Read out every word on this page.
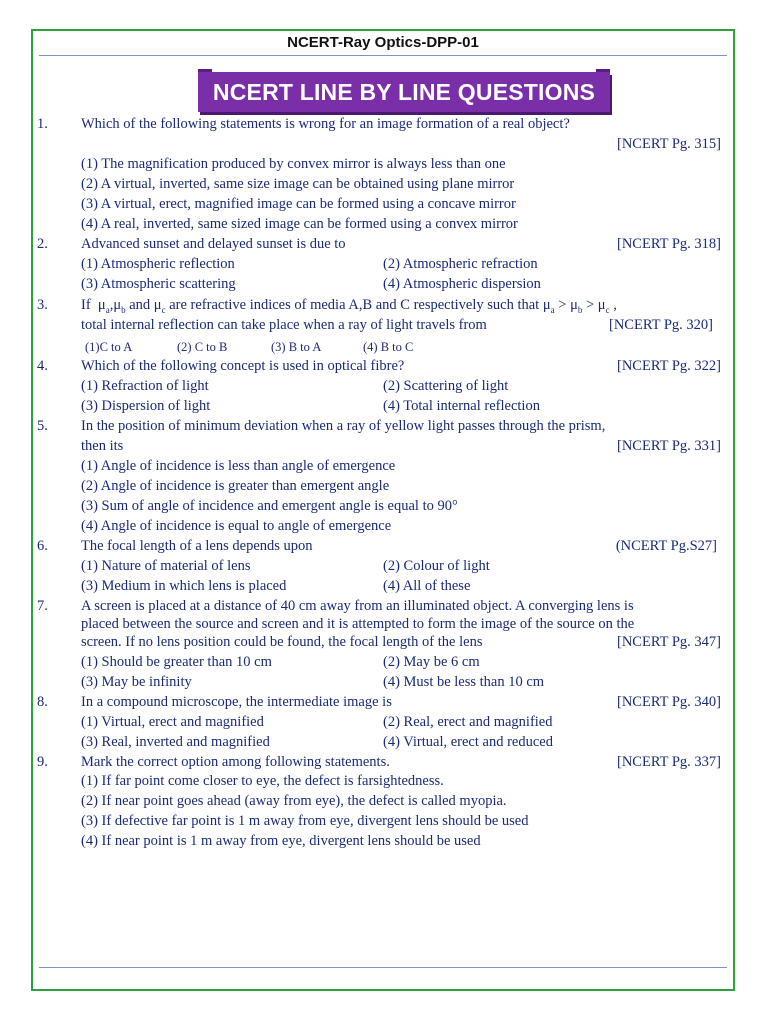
NCERT-Ray Optics-DPP-01
NCERT LINE BY LINE QUESTIONS
1. Which of the following statements is wrong for an image formation of a real object?
[NCERT Pg. 315]
(1) The magnification produced by convex mirror is always less than one
(2) A virtual, inverted, same size image can be obtained using plane mirror
(3) A virtual, erect, magnified image can be formed using a concave mirror
(4) A real, inverted, same sized image can be formed using a convex mirror
2. Advanced sunset and delayed sunset is due to	[NCERT Pg. 318]
(1) Atmospheric reflection	(2) Atmospheric refraction
(3) Atmospheric scattering	(4) Atmospheric dispersion
3. If $\mu_a,\mu_b$ and $\mu_c$ are refractive indices of media A,B and C respectively such that $\mu_a > \mu_b > \mu_c$ ,
total internal reflection can take place when a ray of light travels from	[NCERT Pg. 320]
(1)C to A	(2) C to B	(3) B to A	(4) B to C
4. Which of the following concept is used in optical fibre?	[NCERT Pg. 322]
(1) Refraction of light	(2) Scattering of light
(3) Dispersion of light	(4) Total internal reflection
5. In the position of minimum deviation when a ray of yellow light passes through the prism,
then its	[NCERT Pg. 331]
(1) Angle of incidence is less than angle of emergence
(2) Angle of incidence is greater than emergent angle
(3) Sum of angle of incidence and emergent angle is equal to 90°
(4) Angle of incidence is equal to angle of emergence
6. The focal length of a lens depends upon	(NCERT Pg.S27]
(1) Nature of material of lens	(2) Colour of light
(3) Medium in which lens is placed	(4) All of these
7. A screen is placed at a distance of 40 cm away from an illuminated object. A converging lens is
placed between the source and screen and it is attempted to form the image of the source on the
screen. If no lens position could be found, the focal length of the lens	[NCERT Pg. 347]
(1) Should be greater than 10 cm	(2) May be 6 cm
(3) May be infinity	(4) Must be less than 10 cm
8. In a compound microscope, the intermediate image is	[NCERT Pg. 340]
(1) Virtual, erect and magnified	(2) Real, erect and magnified
(3) Real, inverted and magnified	(4) Virtual, erect and reduced
9. Mark the correct option among following statements.	[NCERT Pg. 337]
(1) If far point come closer to eye, the defect is farsightedness.
(2) If near point goes ahead (away from eye), the defect is called myopia.
(3) If defective far point is 1 m away from eye, divergent lens should be used
(4) If near point is 1 m away from eye, divergent lens should be used
